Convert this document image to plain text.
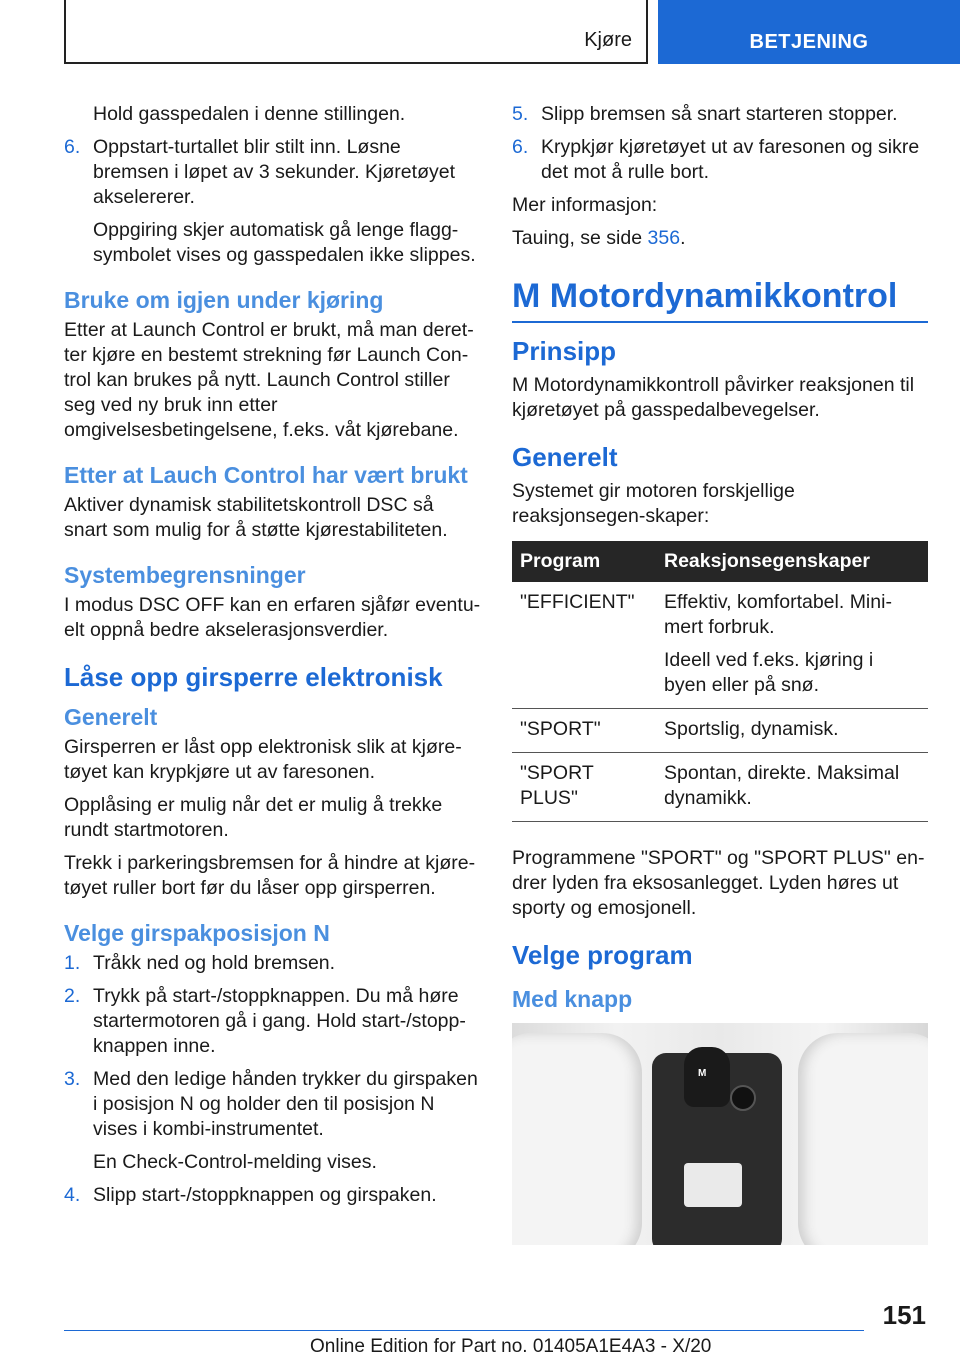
Kjøre	BETJENING

Hold gasspedalen i denne stillingen.

6. Oppstart-turtallet blir stilt inn. Løsne bremsen i løpet av 3 sekunder. Kjøretøyet akselererer.

Oppgiring skjer automatisk gå lenge flagg-symbolet vises og gasspedalen ikke slippes.

Bruke om igjen under kjøring

Etter at Launch Control er brukt, må man deret-ter kjøre en bestemt strekning før Launch Con-trol kan brukes på nytt. Launch Control stiller seg ved ny bruk inn etter omgivelsesbetingelsene, f.eks. våt kjørebane.

Etter at Lauch Control har vært brukt

Aktiver dynamisk stabilitetskontroll DSC så snart som mulig for å støtte kjørestabiliteten.

Systembegrensninger

I modus DSC OFF kan en erfaren sjåfør eventu-elt oppnå bedre akselerasjonsverdier.

Låse opp girsperre elektronisk
Generelt

Girsperren er låst opp elektronisk slik at kjøre-tøyet kan krypkjøre ut av faresonen.

Opplåsing er mulig når det er mulig å trekke rundt startmotoren.

Trekk i parkeringsbremsen for å hindre at kjøre-tøyet ruller bort før du låser opp girsperren.

Velge girspakposisjon N
1. Tråkk ned og hold bremsen.

2. Trykk på start-/stoppknappen. Du må høre startermotoren gå i gang. Hold start-/stopp-knappen inne.

3. Med den ledige hånden trykker du girspaken i posisjon N og holder den til posisjon N vises i kombi-instrumentet.

En Check-Control-melding vises.

4. Slipp start-/stoppknappen og girspaken.

5. Slipp bremsen så snart starteren stopper.

6. Krypkjør kjøretøyet ut av faresonen og sikre det mot å rulle bort.

Mer informasjon:

Tauing, se side 356.

M Motordynamikkontrol
Prinsipp

M Motordynamikkontroll påvirker reaksjonen til kjøretøyet på gasspedalbevegelser.

Generelt

Systemet gir motoren forskjellige reaksjonsegen-skaper:

Program	Reaksjonsegenskaper
"EFFICIENT"	Effektiv, komfortabel. Mini-mert forbruk.

Ideell ved f.eks. kjøring i byen eller på snø.

"SPORT"	Sportslig, dynamisk.

"SPORT PLUS"	Spontan, direkte. Maksimal dynamikk.

Programmene "SPORT" og "SPORT PLUS" en-drer lyden fra eksosanlegget. Lyden høres ut sporty og emosjonell.

Velge program
Med knapp
M
151
Online Edition for Part no. 01405A1E4A3 - X/20
